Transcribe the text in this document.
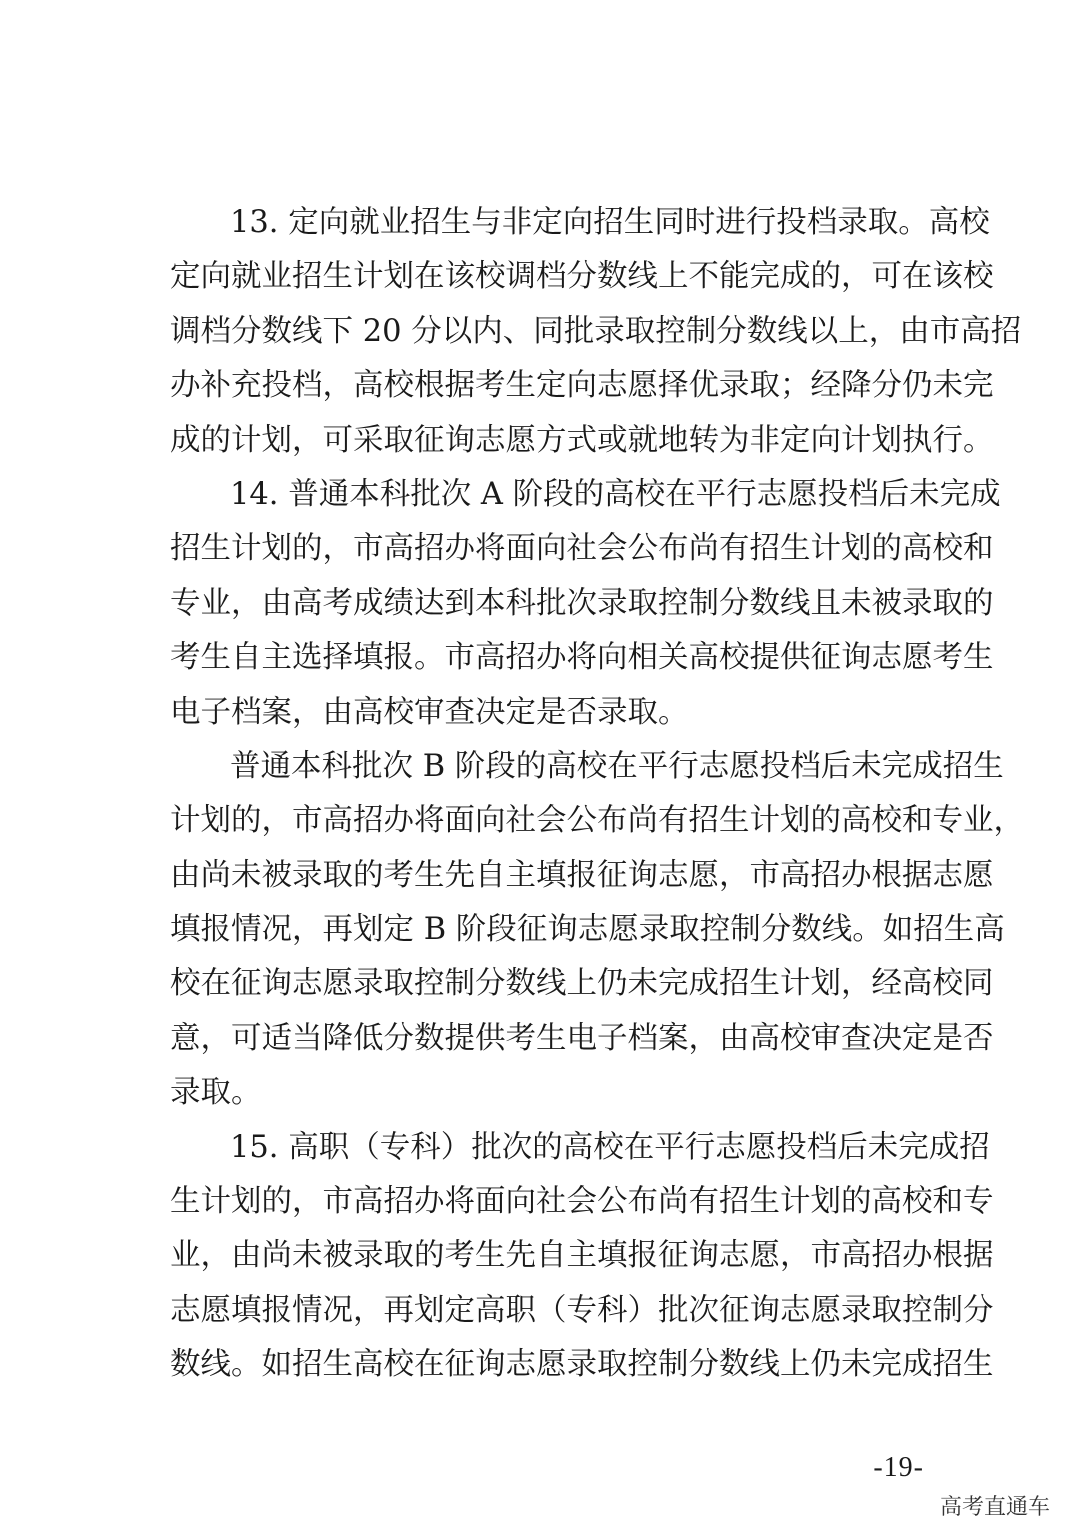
13. 定向就业招生与非定向招生同时进行投档录取。高校
定向就业招生计划在该校调档分数线上不能完成的，可在该校
调档分数线下 20 分以内、同批录取控制分数线以上，由市高招
办补充投档，高校根据考生定向志愿择优录取；经降分仍未完
成的计划，可采取征询志愿方式或就地转为非定向计划执行。
14. 普通本科批次 A 阶段的高校在平行志愿投档后未完成
招生计划的，市高招办将面向社会公布尚有招生计划的高校和
专业，由高考成绩达到本科批次录取控制分数线且未被录取的
考生自主选择填报。市高招办将向相关高校提供征询志愿考生
电子档案，由高校审查决定是否录取。
普通本科批次 B 阶段的高校在平行志愿投档后未完成招生
计划的，市高招办将面向社会公布尚有招生计划的高校和专业，
由尚未被录取的考生先自主填报征询志愿，市高招办根据志愿
填报情况，再划定 B 阶段征询志愿录取控制分数线。如招生高
校在征询志愿录取控制分数线上仍未完成招生计划，经高校同
意，可适当降低分数提供考生电子档案，由高校审查决定是否
录取。
15. 高职（专科）批次的高校在平行志愿投档后未完成招
生计划的，市高招办将面向社会公布尚有招生计划的高校和专
业，由尚未被录取的考生先自主填报征询志愿，市高招办根据
志愿填报情况，再划定高职（专科）批次征询志愿录取控制分
数线。如招生高校在征询志愿录取控制分数线上仍未完成招生
-19-
高考直通车
